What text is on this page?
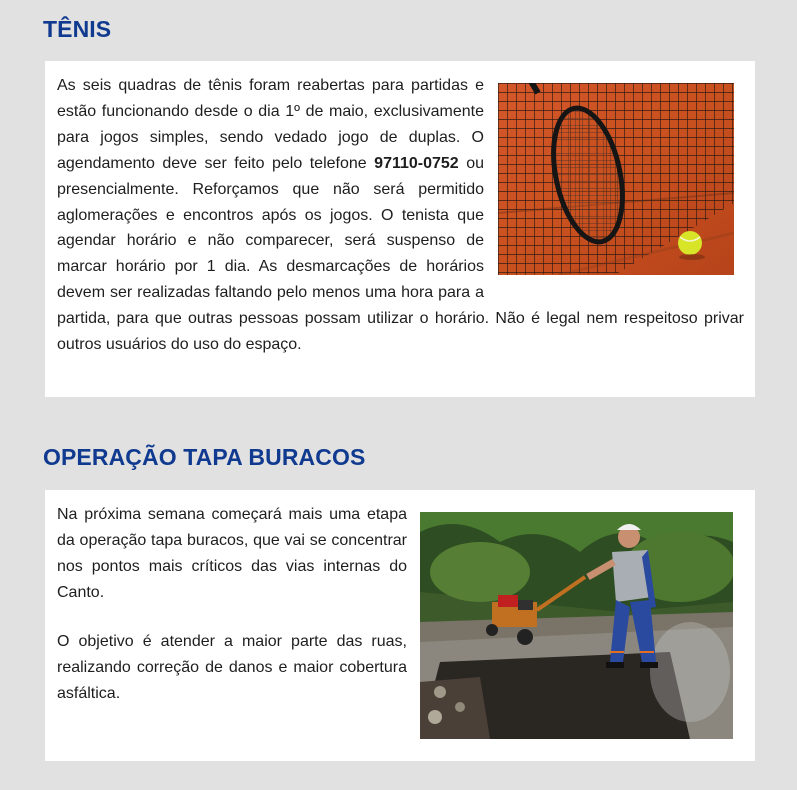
TÊNIS

As seis quadras de tênis foram reabertas para partidas e estão funcionando desde o dia 1º de maio, exclusivamente para jogos simples, sendo vedado jogo de duplas. O agendamento deve ser feito pelo telefone 97110-0752 ou presencialmente. Reforçamos que não será permitido aglomerações e encontros após os jogos. O tenista que agendar horário e não comparecer, será suspenso de marcar horário por 1 dia. As desmarcações de horários devem ser realizadas faltando pelo menos uma hora para a partida, para que outras pessoas possam utilizar o horário. Não é legal nem respeitoso privar outros usuários do uso do espaço.

OPERAÇÃO TAPA BURACOS

Na próxima semana começará mais uma etapa da operação tapa buracos, que vai se concentrar nos pontos mais críticos das vias internas do Canto.

O objetivo é atender a maior parte das ruas, realizando correção de danos e maior cobertura asfáltica.
